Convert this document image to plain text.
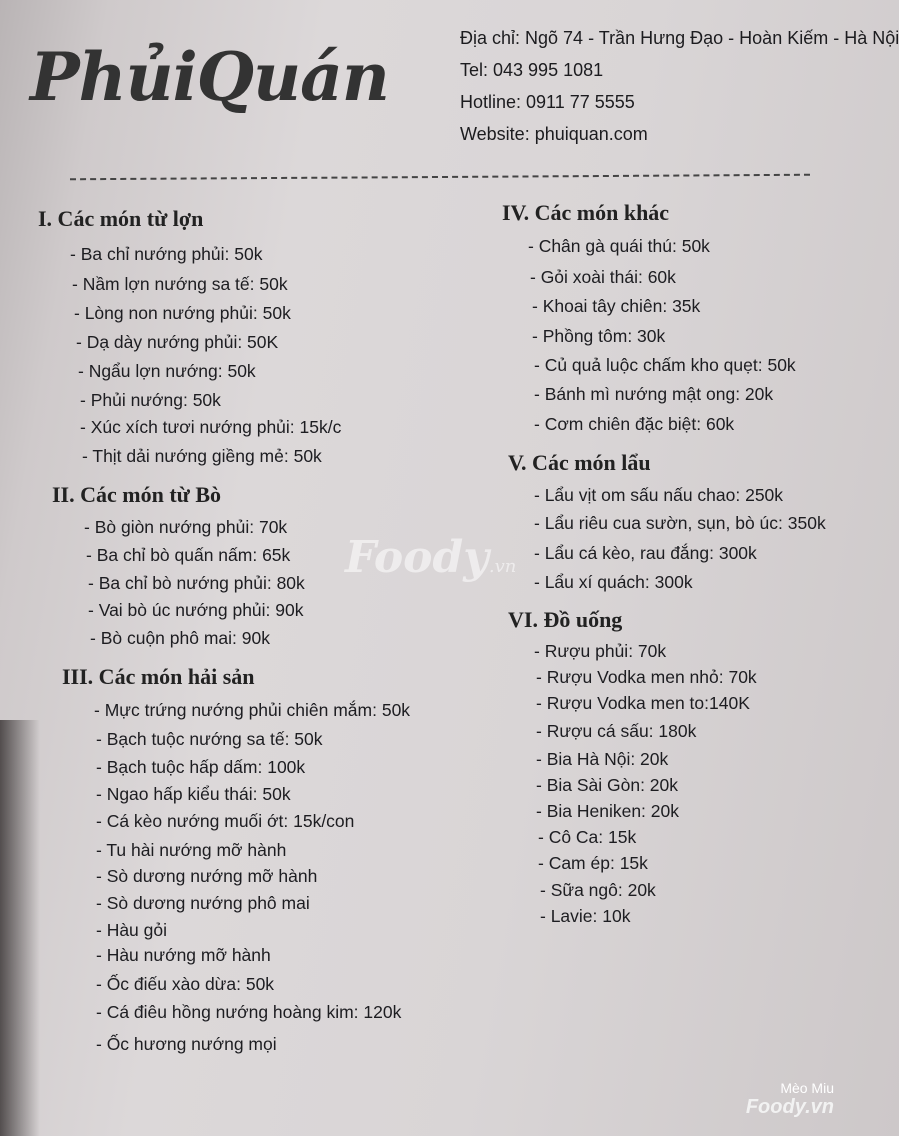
PhủiQuán	Địa chỉ: Ngõ 74 - Trần Hưng Đạo - Hoàn Kiếm - Hà Nội
Tel: 043 995 1081
Hotline: 0911 77 5555
Website: phuiquan.com
Foody.vn
I. Các món từ lợn
- Ba chỉ nướng phủi: 50k
- Nầm lợn nướng sa tế: 50k
- Lòng non nướng phủi: 50k
- Dạ dày nướng phủi: 50K
- Ngẩu lợn nướng: 50k
- Phủi nướng: 50k
- Xúc xích tươi nướng phủi: 15k/c
- Thịt dải nướng giềng mẻ: 50k
II. Các món từ Bò
- Bò giòn nướng phủi: 70k
- Ba chỉ bò quấn nấm: 65k
- Ba chỉ bò nướng phủi: 80k
- Vai bò úc nướng phủi: 90k
- Bò cuộn phô mai: 90k
III. Các món hải sản
- Mực trứng nướng phủi chiên mắm: 50k
- Bạch tuộc nướng sa tế: 50k
- Bạch tuộc hấp dấm: 100k
- Ngao hấp kiểu thái: 50k
- Cá kèo nướng muối ớt: 15k/con
- Tu hài nướng mỡ hành
- Sò dương nướng mỡ hành
- Sò dương nướng phô mai
- Hàu gỏi
- Hàu nướng mỡ hành
- Ốc điếu xào dừa: 50k
- Cá điêu hồng nướng hoàng kim: 120k
- Ốc hương nướng mọi
IV. Các món khác
- Chân gà quái thú: 50k
- Gỏi xoài thái: 60k
- Khoai tây chiên: 35k
- Phồng tôm: 30k
- Củ quả luộc chấm kho quẹt: 50k
- Bánh mì nướng mật ong: 20k
- Cơm chiên đặc biệt: 60k
V. Các món lẩu
- Lẩu vịt om sấu nấu chao: 250k
- Lẩu riêu cua sườn, sụn, bò úc: 350k
- Lẩu cá kèo, rau đắng: 300k
- Lẩu xí quách: 300k
VI. Đồ uống
- Rượu phủi: 70k
- Rượu Vodka men nhỏ: 70k
- Rượu Vodka men to:140K
- Rượu cá sấu: 180k
- Bia Hà Nội: 20k
- Bia Sài Gòn: 20k
- Bia Heniken: 20k
- Cô Ca: 15k
- Cam ép: 15k
- Sữa ngô: 20k
- Lavie: 10k
Mèo Miu
Foody.vn
